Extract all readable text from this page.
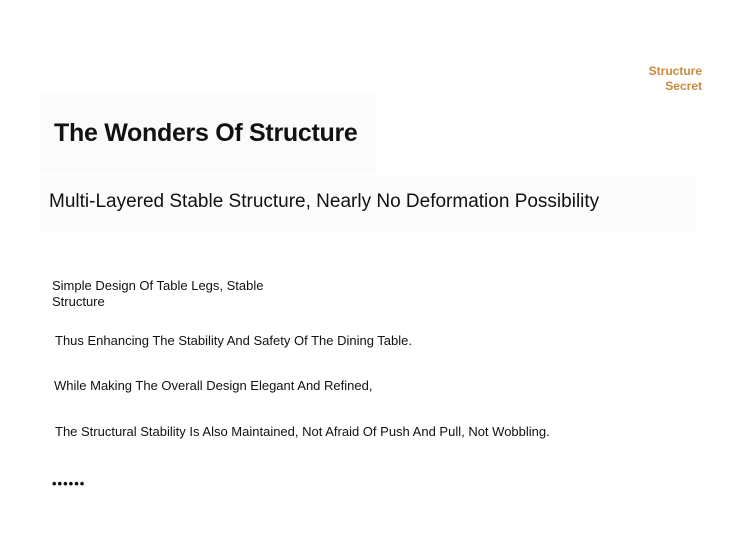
Structure
Secret
The Wonders Of Structure
Multi-Layered Stable Structure, Nearly No Deformation Possibility
Simple Design Of Table Legs, Stable Structure
Thus Enhancing The Stability And Safety Of The Dining Table.
While Making The Overall Design Elegant And Refined,
The Structural Stability Is Also Maintained, Not Afraid Of Push And Pull, Not Wobbling.
••••••
